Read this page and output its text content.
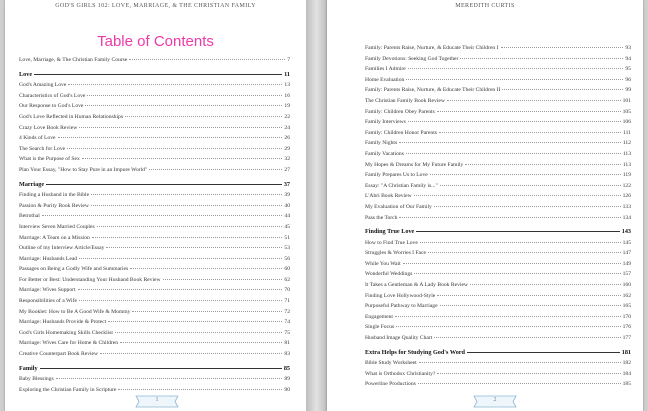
GOD'S GIRLS 102: LOVE, MARRIAGE, & THE CHRISTIAN FAMILY
Table of Contents
Love, Marriage, & The Christian Family Course	7
Love	11
God's Amazing Love	13
Characteristics of God's Love	16
Our Response to God's Love	19
God's Love Reflected in Human Relationships	22
Crazy Love Book Review	24
4 Kinds of Love	26
The Search for Love	29
What is the Purpose of Sex	32
Plan Your Essay, "How to Stay Pure in an Impure World"	27
Marriage	37
Finding a Husband in the Bible	39
Passion & Purity Book Review	40
Betrothal	44
Interview Seven Married Couples	45
Marriage: A Team on a Mission	51
Outline of my Interview Article/Essay	53
Marriage: Husbands Lead	56
Passages on Being a Godly Wife and Summaries	60
For Better or Best: Understanding Your Husband Book Review	62
Marriage: Wives Support	70
Responsibilities of a Wife	71
My Booklet: How to Be A Good Wife & Mommy	72
Marriage: Husbands Provide & Protect	74
God's Girls Homemaking Skills Checklist	75
Marriage: Wives Care for Home & Children	81
Creative Counterpart Book Review	83
Family	85
Baby Blessings	89
Exploring the Christian Family in Scripture	90
1
MEREDITH CURTIS
Family: Parents Raise, Nurture, & Educate Their Children I	93
Family Devotions: Seeking God Together	94
Families I Admire	95
Home Evaluation	96
Family: Parents Raise, Nurture, & Educate Their Children II	99
The Christian Family Book Review	101
Family: Children Obey Parents	105
Family Interviews	106
Family: Children Honor Parents	111
Family Nights	112
Family Vacations	113
My Hopes & Dreams for My Future Family	113
Family Prepares Us to Love	119
Essay: "A Christian Family is..."	122
L'Abri Book Review	126
My Evaluation of Our Family	133
Pass the Torch	134
Finding True Love	143
How to Find True Love	145
Struggles & Worries I Face	147
While You Wait	149
Wonderful Weddings	157
It Takes a Gentleman & A Lady Book Review	160
Finding Love Hollywood-Style	162
Purposeful Pathway to Marriage	165
Engagement	170
Single Focus	176
Husband Image Quality Chart	177
Extra Helps for Studying God's Word	181
Bible Study Worksheet	182
What is Orthodox Christianity?	184
Powerline Productions	185
2
